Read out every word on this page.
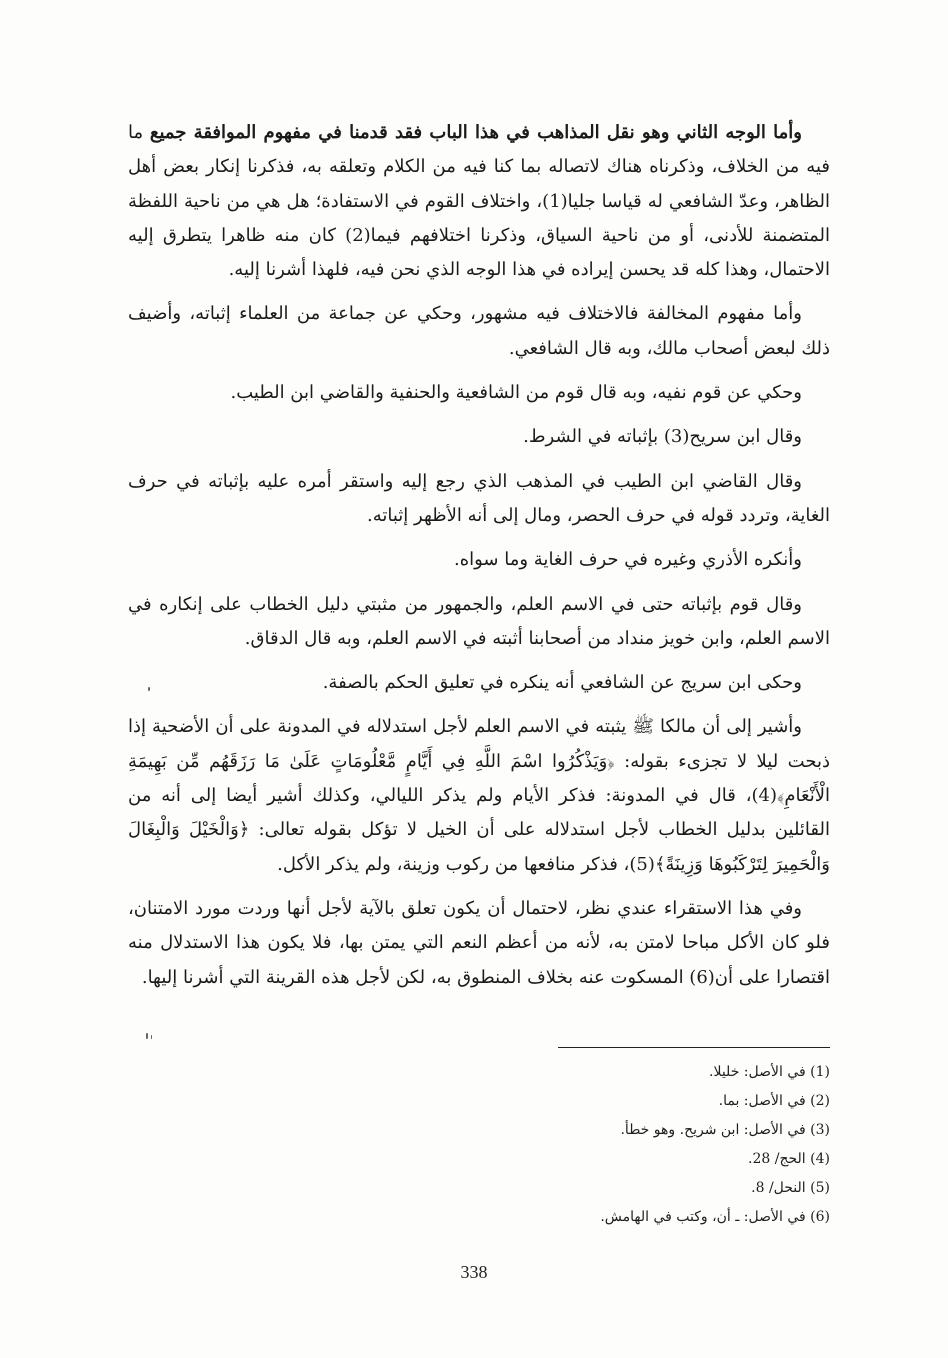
وأما الوجه الثاني وهو نقل المذاهب في هذا الباب فقد قدمنا في مفهوم الموافقة جميع ما فيه من الخلاف، وذكرناه هناك لاتصاله بما كنا فيه من الكلام وتعلقه به، فذكرنا إنكار بعض أهل الظاهر، وعدّ الشافعي له قياسا جليا(1)، واختلاف القوم في الاستفادة؛ هل هي من ناحية اللفظة المتضمنة للأدنى، أو من ناحية السياق، وذكرنا اختلافهم فيما(2) كان منه ظاهرا يتطرق إليه الاحتمال، وهذا كله قد يحسن إيراده في هذا الوجه الذي نحن فيه، فلهذا أشرنا إليه.

وأما مفهوم المخالفة فالاختلاف فيه مشهور، وحكي عن جماعة من العلماء إثباته، وأضيف ذلك لبعض أصحاب مالك، وبه قال الشافعي.

وحكي عن قوم نفيه، وبه قال قوم من الشافعية والحنفية والقاضي ابن الطيب.

وقال ابن سريح(3) بإثباته في الشرط.

وقال القاضي ابن الطيب في المذهب الذي رجع إليه واستقر أمره عليه بإثباته في حرف الغاية، وتردد قوله في حرف الحصر، ومال إلى أنه الأظهر إثباته.

وأنكره الأذري وغيره في حرف الغاية وما سواه.

وقال قوم بإثباته حتى في الاسم العلم، والجمهور من مثبتي دليل الخطاب على إنكاره في الاسم العلم، وابن خويز منداد من أصحابنا أثبته في الاسم العلم، وبه قال الدقاق.

وحكى ابن سريج عن الشافعي أنه ينكره في تعليق الحكم بالصفة.

وأشير إلى أن مالكا ﷺ يثبته في الاسم العلم لأجل استدلاله في المدونة على أن الأضحية إذا ذبحت ليلا لا تجزىء بقوله: ﴿وَيَذْكُرُوا اسْمَ اللَّهِ فِي أَيَّامٍ مَّعْلُومَاتٍ عَلَىٰ مَا رَزَقَهُم مِّن بَهِيمَةِ الْأَنْعَامِ﴾(4)، قال في المدونة: فذكر الأيام ولم يذكر الليالي، وكذلك أشير أيضا إلى أنه من القائلين بدليل الخطاب لأجل استدلاله على أن الخيل لا تؤكل بقوله تعالى: ﴿وَالْخَيْلَ وَالْبِغَالَ وَالْحَمِيرَ لِتَرْكَبُوهَا وَزِينَةً﴾(5)، فذكر منافعها من ركوب وزينة، ولم يذكر الأكل.

وفي هذا الاستقراء عندي نظر، لاحتمال أن يكون تعلق بالآية لأجل أنها وردت مورد الامتنان، فلو كان الأكل مباحا لامتن به، لأنه من أعظم النعم التي يمتن بها، فلا يكون هذا الاستدلال منه اقتصارا على أن(6) المسكوت عنه بخلاف المنطوق به، لكن لأجل هذه القرينة التي أشرنا إليها.

(1) في الأصل: خليلا.

(2) في الأصل: بما.

(3) في الأصل: ابن شريح. وهو خطأ.

(4) الحج/ 28.

(5) النحل/ 8.

(6) في الأصل: ـ أن، وكتب في الهامش.

338
